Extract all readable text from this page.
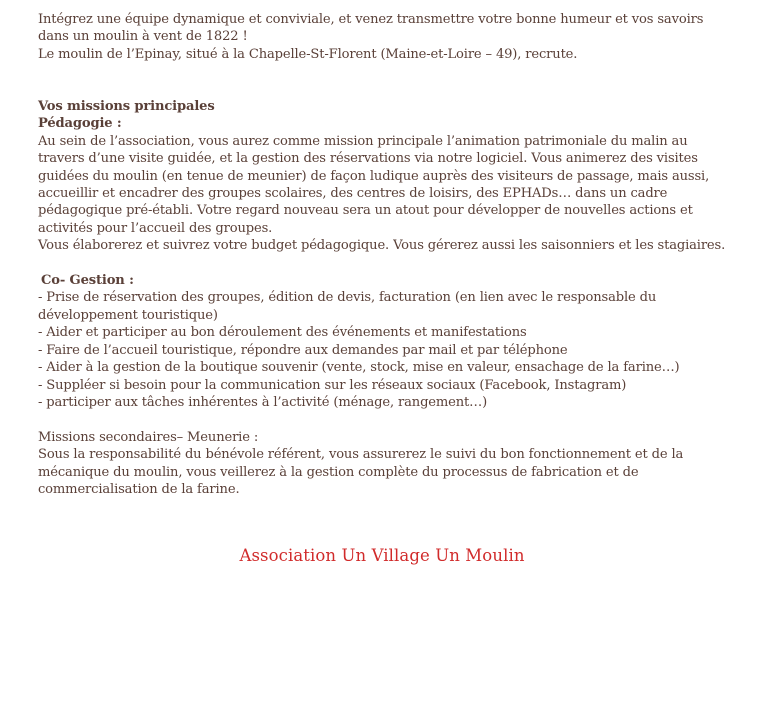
Intégrez une équipe dynamique et conviviale, et venez transmettre votre bonne humeur et vos savoirs
dans un moulin à vent de 1822 !
Le moulin de l’Epinay, situé à la Chapelle-St-Florent (Maine-et-Loire – 49), recrute.
Vos missions principales
Pédagogie :
Au sein de l’association, vous aurez comme mission principale l’animation patrimoniale du malin au
travers d’une visite guidée, et la gestion des réservations via notre logiciel. Vous animerez des visites
guidées du moulin (en tenue de meunier) de façon ludique auprès des visiteurs de passage, mais aussi,
accueillir et encadrer des groupes scolaires, des centres de loisirs, des EPHADs… dans un cadre
pédagogique pré-établi. Votre regard nouveau sera un atout pour développer de nouvelles actions et
activités pour l’accueil des groupes.
Vous élaborerez et suivrez votre budget pédagogique. Vous gérerez aussi les saisonniers et les stagiaires.
Co- Gestion :
- Prise de réservation des groupes, édition de devis, facturation (en lien avec le responsable du
développement touristique)
- Aider et participer au bon déroulement des événements et manifestations
- Faire de l’accueil touristique, répondre aux demandes par mail et par téléphone
- Aider à la gestion de la boutique souvenir (vente, stock, mise en valeur, ensachage de la farine…)
- Suppléer si besoin pour la communication sur les réseaux sociaux (Facebook, Instagram)
- participer aux tâches inhérentes à l’activité (ménage, rangement…)
Missions secondaires– Meunerie :
Sous la responsabilité du bénévole référent, vous assurerez le suivi du bon fonctionnement et de la
mécanique du moulin, vous veillerez à la gestion complète du processus de fabrication et de
commercialisation de la farine.
Association Un Village Un Moulin
